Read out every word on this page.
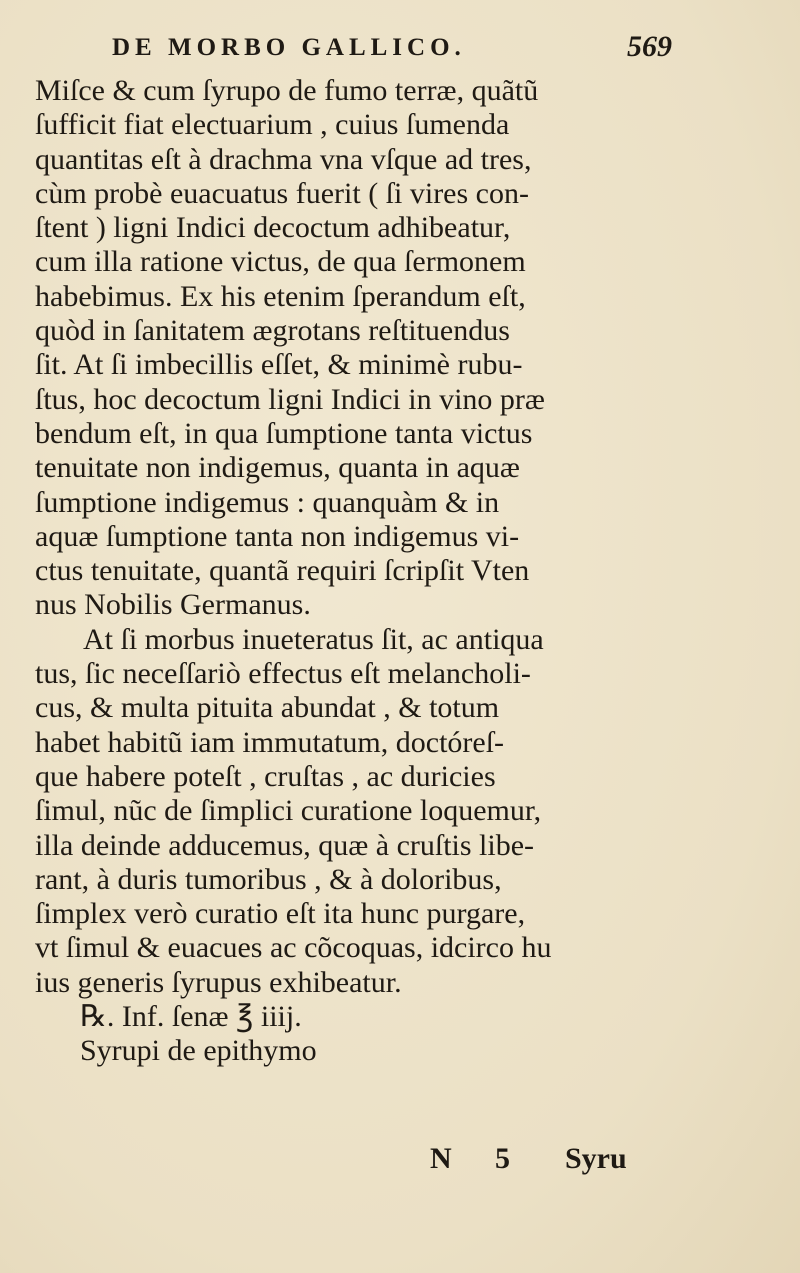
DE MORBO GALLICO.	569
Miſce & cum ſyrupo de fumo terræ, quãtũ
ſufficit fiat electuarium , cuius ſumenda
quantitas eſt à drachma vna vſque ad tres,
cùm probè euacuatus fuerit ( ſi vires con-
ſtent ) ligni Indici decoctum adhibeatur,
cum illa ratione victus, de qua ſermonem
habebimus. Ex his etenim ſperandum eſt,
quòd in ſanitatem ægrotans reſtituendus
ſit. At ſi imbecillis eſſet, & minimè rubu-
ſtus, hoc decoctum ligni Indici in vino præ
bendum eſt, in qua ſumptione tanta victus
tenuitate non indigemus, quanta in aquæ
ſumptione indigemus : quanquàm & in
aquæ ſumptione tanta non indigemus vi-
ctus tenuitate, quantã requiri ſcripſit Vten
nus Nobilis Germanus.
At ſi morbus inueteratus ſit, ac antiqua
tus, ſic neceſſariò effectus eſt melancholi-
cus, & multa pituita abundat , & totum
habet habitũ iam immutatum, doctóreſ-
que habere poteſt , cruſtas , ac duricies
ſimul, nũc de ſimplici curatione loquemur,
illa deinde adducemus, quæ à cruſtis libe-
rant, à duris tumoribus , & à doloribus,
ſimplex verò curatio eſt ita hunc purgare,
vt ſimul & euacues ac cõcoquas, idcirco hu
ius generis ſyrupus exhibeatur.
℞. Inf. ſenæ ℥ iiij.
Syrupi de epithymo
N 5 Syru
